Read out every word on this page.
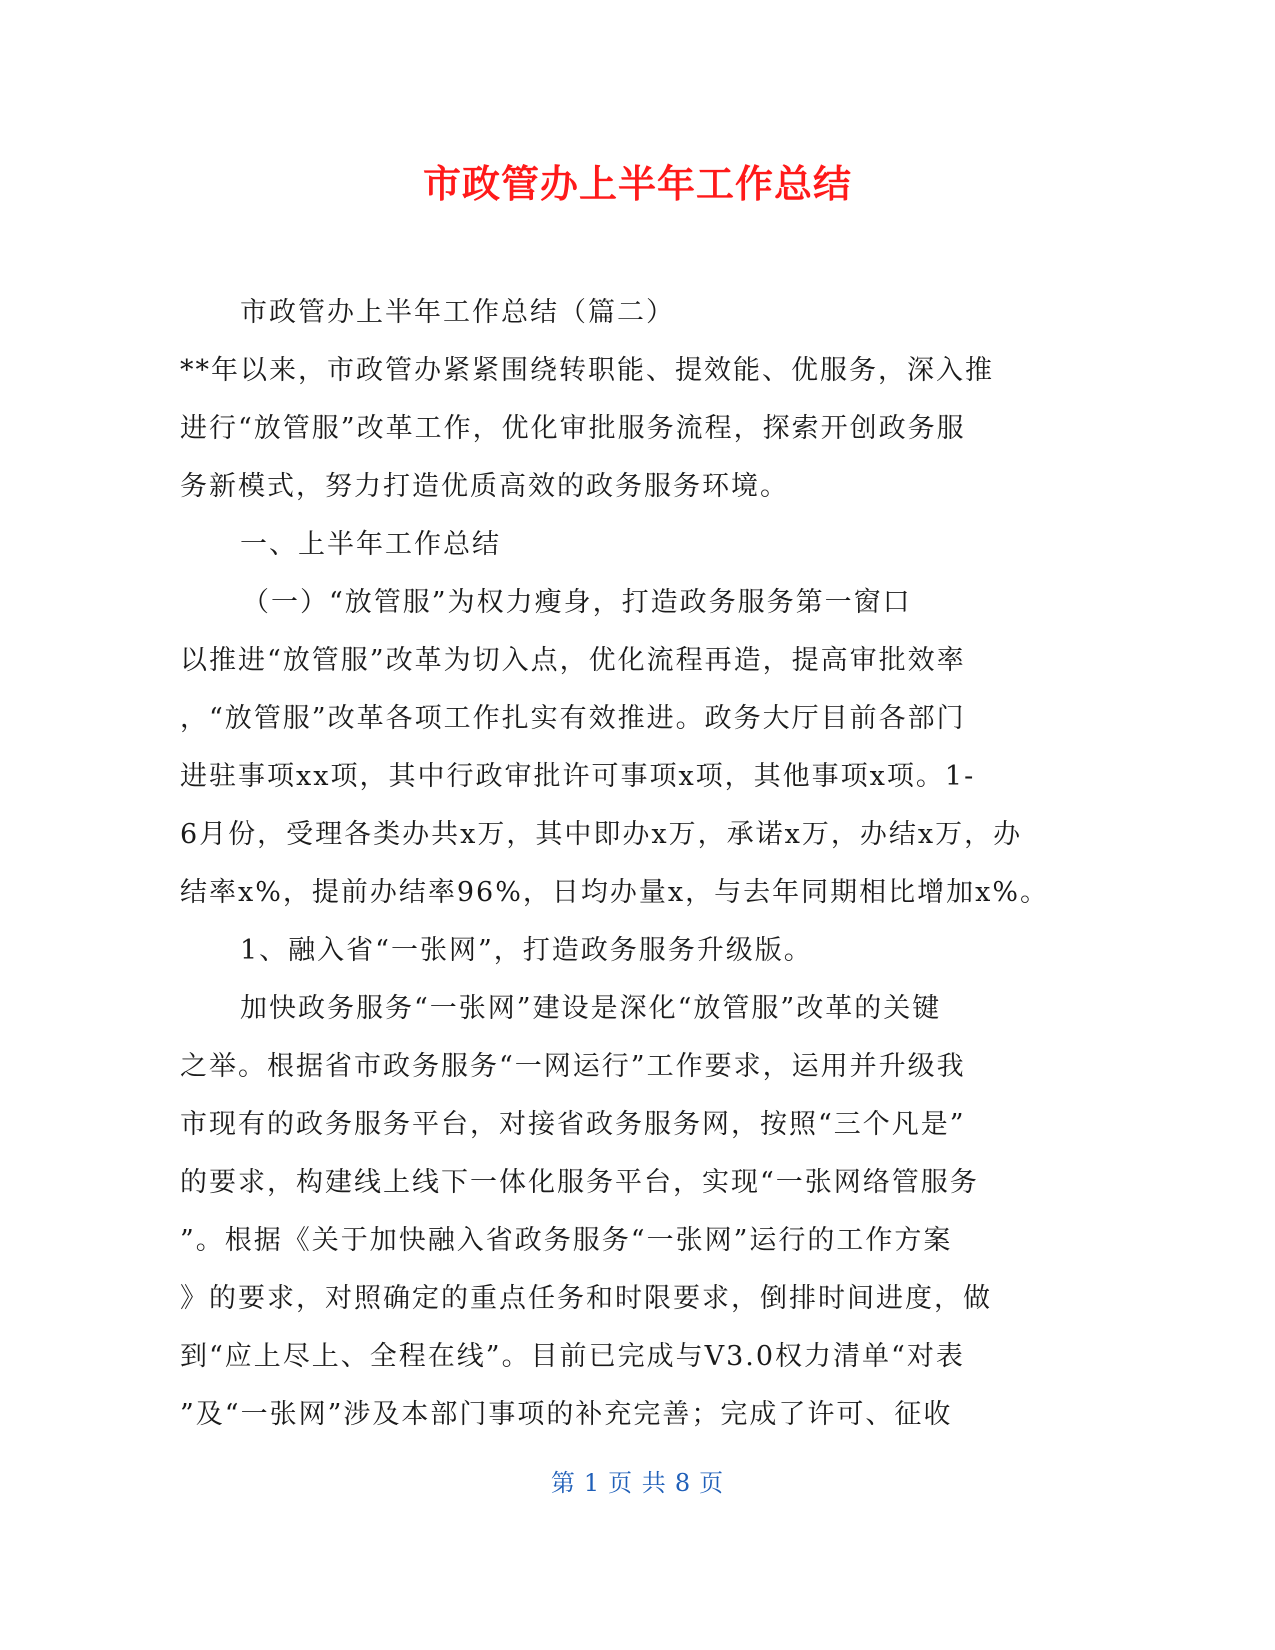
市政管办上半年工作总结
市政管办上半年工作总结（篇二）
**年以来，市政管办紧紧围绕转职能、提效能、优服务，深入推
进行“放管服”改革工作，优化审批服务流程，探索开创政务服
务新模式，努力打造优质高效的政务服务环境。
一、上半年工作总结
（一）“放管服”为权力瘦身，打造政务服务第一窗口
以推进“放管服”改革为切入点，优化流程再造，提高审批效率
，“放管服”改革各项工作扎实有效推进。政务大厅目前各部门
进驻事项xx项，其中行政审批许可事项x项，其他事项x项。1-
6月份，受理各类办共x万，其中即办x万，承诺x万，办结x万，办
结率x%，提前办结率96%，日均办量x，与去年同期相比增加x%。
1、融入省“一张网”，打造政务服务升级版。
加快政务服务“一张网”建设是深化“放管服”改革的关键
之举。根据省市政务服务“一网运行”工作要求，运用并升级我
市现有的政务服务平台，对接省政务服务网，按照“三个凡是”
的要求，构建线上线下一体化服务平台，实现“一张网络管服务
”。根据《关于加快融入省政务服务“一张网”运行的工作方案
》的要求，对照确定的重点任务和时限要求，倒排时间进度，做
到“应上尽上、全程在线”。目前已完成与V3.0权力清单“对表
”及“一张网”涉及本部门事项的补充完善；完成了许可、征收
第 1 页 共 8 页
